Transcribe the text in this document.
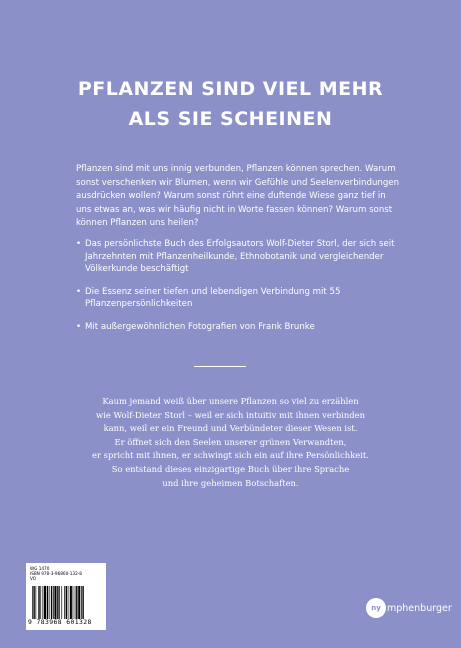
PFLANZEN SIND VIEL MEHR
ALS SIE SCHEINEN

Pflanzen sind mit uns innig verbunden, Pflanzen können sprechen. Warum sonst verschenken wir Blumen, wenn wir Gefühle und Seelenverbindungen ausdrücken wollen? Warum sonst rührt eine duftende Wiese ganz tief in uns etwas an, was wir häufig nicht in Worte fassen können? Warum sonst können Pflanzen uns heilen?

• Das persönlichste Buch des Erfolgsautors Wolf-Dieter Storl, der sich seit Jahrzehnten mit Pflanzenheilkunde, Ethnobotanik und vergleichender Völkerkunde beschäftigt
• Die Essenz seiner tiefen und lebendigen Verbindung mit 55 Pflanzenpersönlichkeiten
• Mit außergewöhnlichen Fotografien von Frank Brunke
Kaum jemand weiß über unsere Pflanzen so viel zu erzählen
wie Wolf-Dieter Storl – weil er sich intuitiv mit ihnen verbinden
kann, weil er ein Freund und Verbündeter dieser Wesen ist.
Er öffnet sich den Seelen unserer grünen Verwandten,
er spricht mit ihnen, er schwingt sich ein auf ihre Persönlichkeit.
So entstand dieses einzigartige Buch über ihre Sprache
und ihre geheimen Botschaften.
WG 1470
ISBN 978-3-96860-132-8
VO
9 783968 601328
ny mphenburger
